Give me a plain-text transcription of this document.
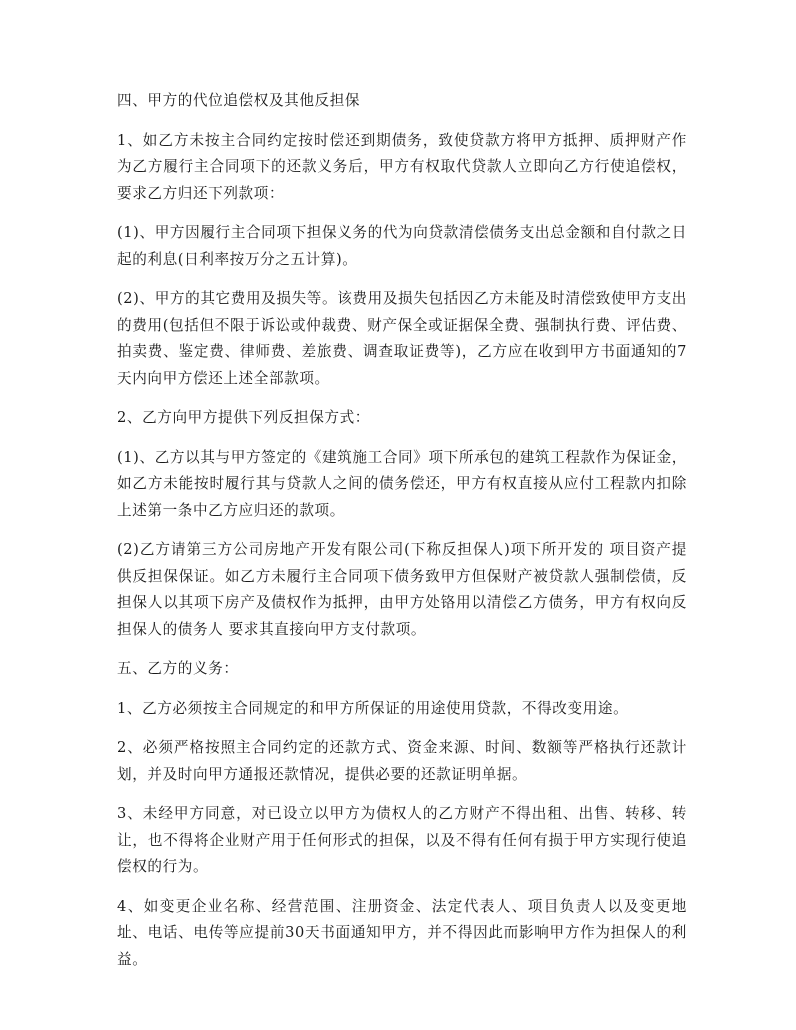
四、甲方的代位追偿权及其他反担保

1、如乙方未按主合同约定按时偿还到期债务，致使贷款方将甲方抵押、质押财产作为乙方履行主合同项下的还款义务后，甲方有权取代贷款人立即向乙方行使追偿权，要求乙方归还下列款项：

(1)、甲方因履行主合同项下担保义务的代为向贷款清偿债务支出总金额和自付款之日起的利息(日利率按万分之五计算)。

(2)、甲方的其它费用及损失等。该费用及损失包括因乙方未能及时清偿致使甲方支出的费用(包括但不限于诉讼或仲裁费、财产保全或证据保全费、强制执行费、评估费、拍卖费、鉴定费、律师费、差旅费、调查取证费等)，乙方应在收到甲方书面通知的7天内向甲方偿还上述全部款项。

2、乙方向甲方提供下列反担保方式：

(1)、乙方以其与甲方签定的《建筑施工合同》项下所承包的建筑工程款作为保证金，如乙方未能按时履行其与贷款人之间的债务偿还，甲方有权直接从应付工程款内扣除上述第一条中乙方应归还的款项。

(2)乙方请第三方公司房地产开发有限公司(下称反担保人)项下所开发的 项目资产提供反担保保证。如乙方未履行主合同项下债务致甲方但保财产被贷款人强制偿债，反担保人以其项下房产及债权作为抵押，由甲方处铬用以清偿乙方债务，甲方有权向反担保人的债务人 要求其直接向甲方支付款项。

五、乙方的义务：

1、乙方必须按主合同规定的和甲方所保证的用途使用贷款，不得改变用途。

2、必须严格按照主合同约定的还款方式、资金来源、时间、数额等严格执行还款计划，并及时向甲方通报还款情况，提供必要的还款证明单据。

3、未经甲方同意，对已设立以甲方为债权人的乙方财产不得出租、出售、转移、转让，也不得将企业财产用于任何形式的担保，以及不得有任何有损于甲方实现行使追偿权的行为。

4、如变更企业名称、经营范围、注册资金、法定代表人、项目负责人以及变更地址、电话、电传等应提前30天书面通知甲方，并不得因此而影响甲方作为担保人的利益。
